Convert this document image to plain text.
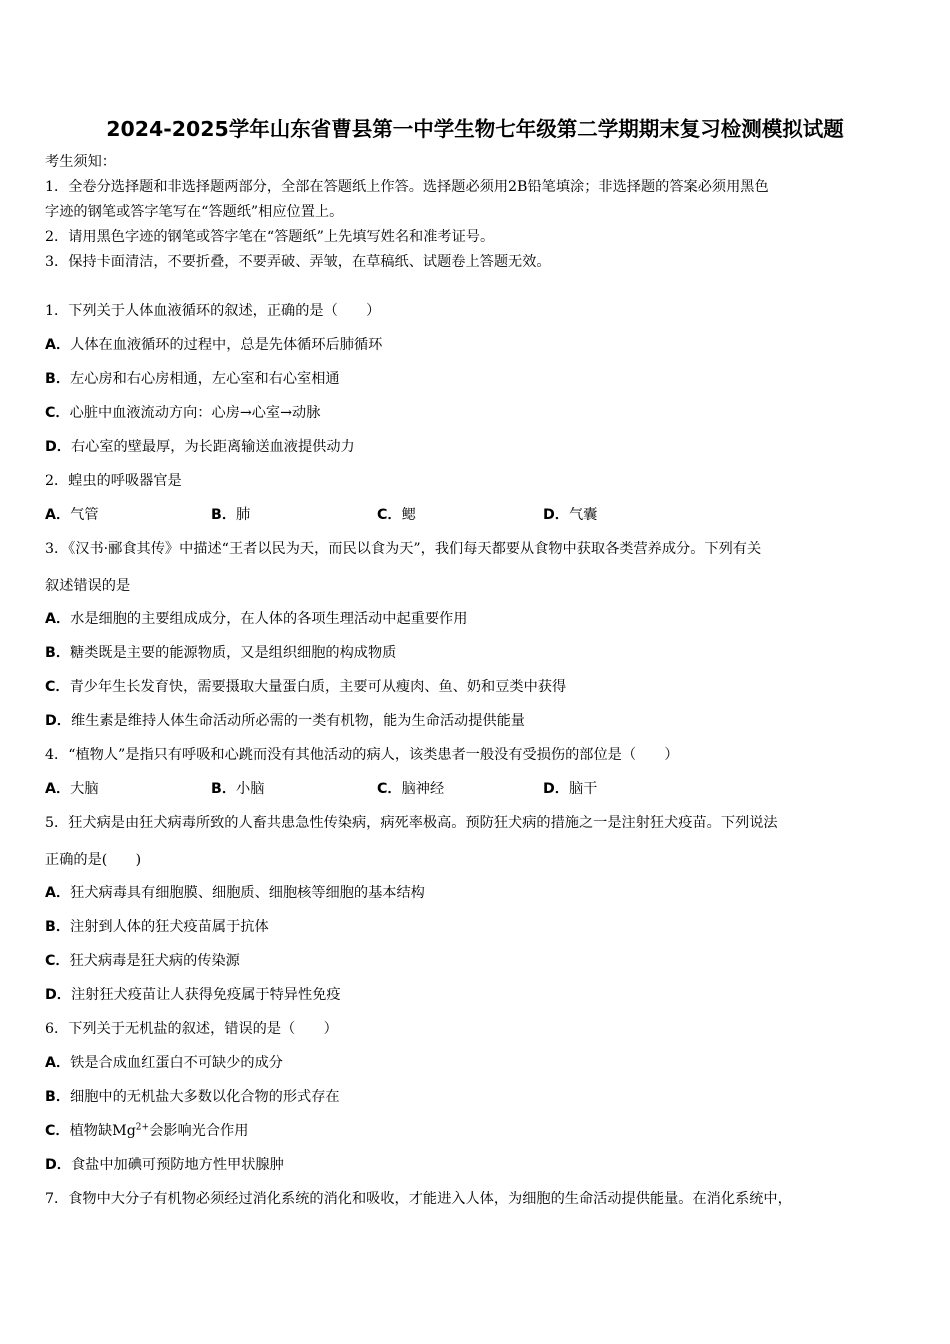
2024-2025学年山东省曹县第一中学生物七年级第二学期期末复习检测模拟试题
考生须知：
1．全卷分选择题和非选择题两部分，全部在答题纸上作答。选择题必须用2B铅笔填涂；非选择题的答案必须用黑色
字迹的钢笔或答字笔写在“答题纸”相应位置上。
2．请用黑色字迹的钢笔或答字笔在“答题纸”上先填写姓名和准考证号。
3．保持卡面清洁，不要折叠，不要弄破、弄皱，在草稿纸、试题卷上答题无效。
1．下列关于人体血液循环的叙述，正确的是（　　）
A．人体在血液循环的过程中，总是先体循环后肺循环
B．左心房和右心房相通，左心室和右心室相通
C．心脏中血液流动方向：心房→心室→动脉
D．右心室的壁最厚，为长距离输送血液提供动力
2．蝗虫的呼吸器官是
A．气管	B．肺	C．鳃	D．气囊
3．《汉书·郦食其传》中描述“王者以民为天，而民以食为天”，我们每天都要从食物中获取各类营养成分。下列有关
叙述错误的是
A．水是细胞的主要组成成分，在人体的各项生理活动中起重要作用
B．糖类既是主要的能源物质，又是组织细胞的构成物质
C．青少年生长发育快，需要摄取大量蛋白质，主要可从瘦肉、鱼、奶和豆类中获得
D．维生素是维持人体生命活动所必需的一类有机物，能为生命活动提供能量
4．“植物人”是指只有呼吸和心跳而没有其他活动的病人，该类患者一般没有受损伤的部位是（　　）
A．大脑	B．小脑	C．脑神经	D．脑干
5．狂犬病是由狂犬病毒所致的人畜共患急性传染病，病死率极高。预防狂犬病的措施之一是注射狂犬疫苗。下列说法
正确的是(　　)
A．狂犬病毒具有细胞膜、细胞质、细胞核等细胞的基本结构
B．注射到人体的狂犬疫苗属于抗体
C．狂犬病毒是狂犬病的传染源
D．注射狂犬疫苗让人获得免疫属于特异性免疫
6．下列关于无机盐的叙述，错误的是（　　）
A．铁是合成血红蛋白不可缺少的成分
B．细胞中的无机盐大多数以化合物的形式存在
C．植物缺$Mg^{2+}$会影响光合作用
D．食盐中加碘可预防地方性甲状腺肿
7．食物中大分子有机物必须经过消化系统的消化和吸收，才能进入人体，为细胞的生命活动提供能量。在消化系统中，
